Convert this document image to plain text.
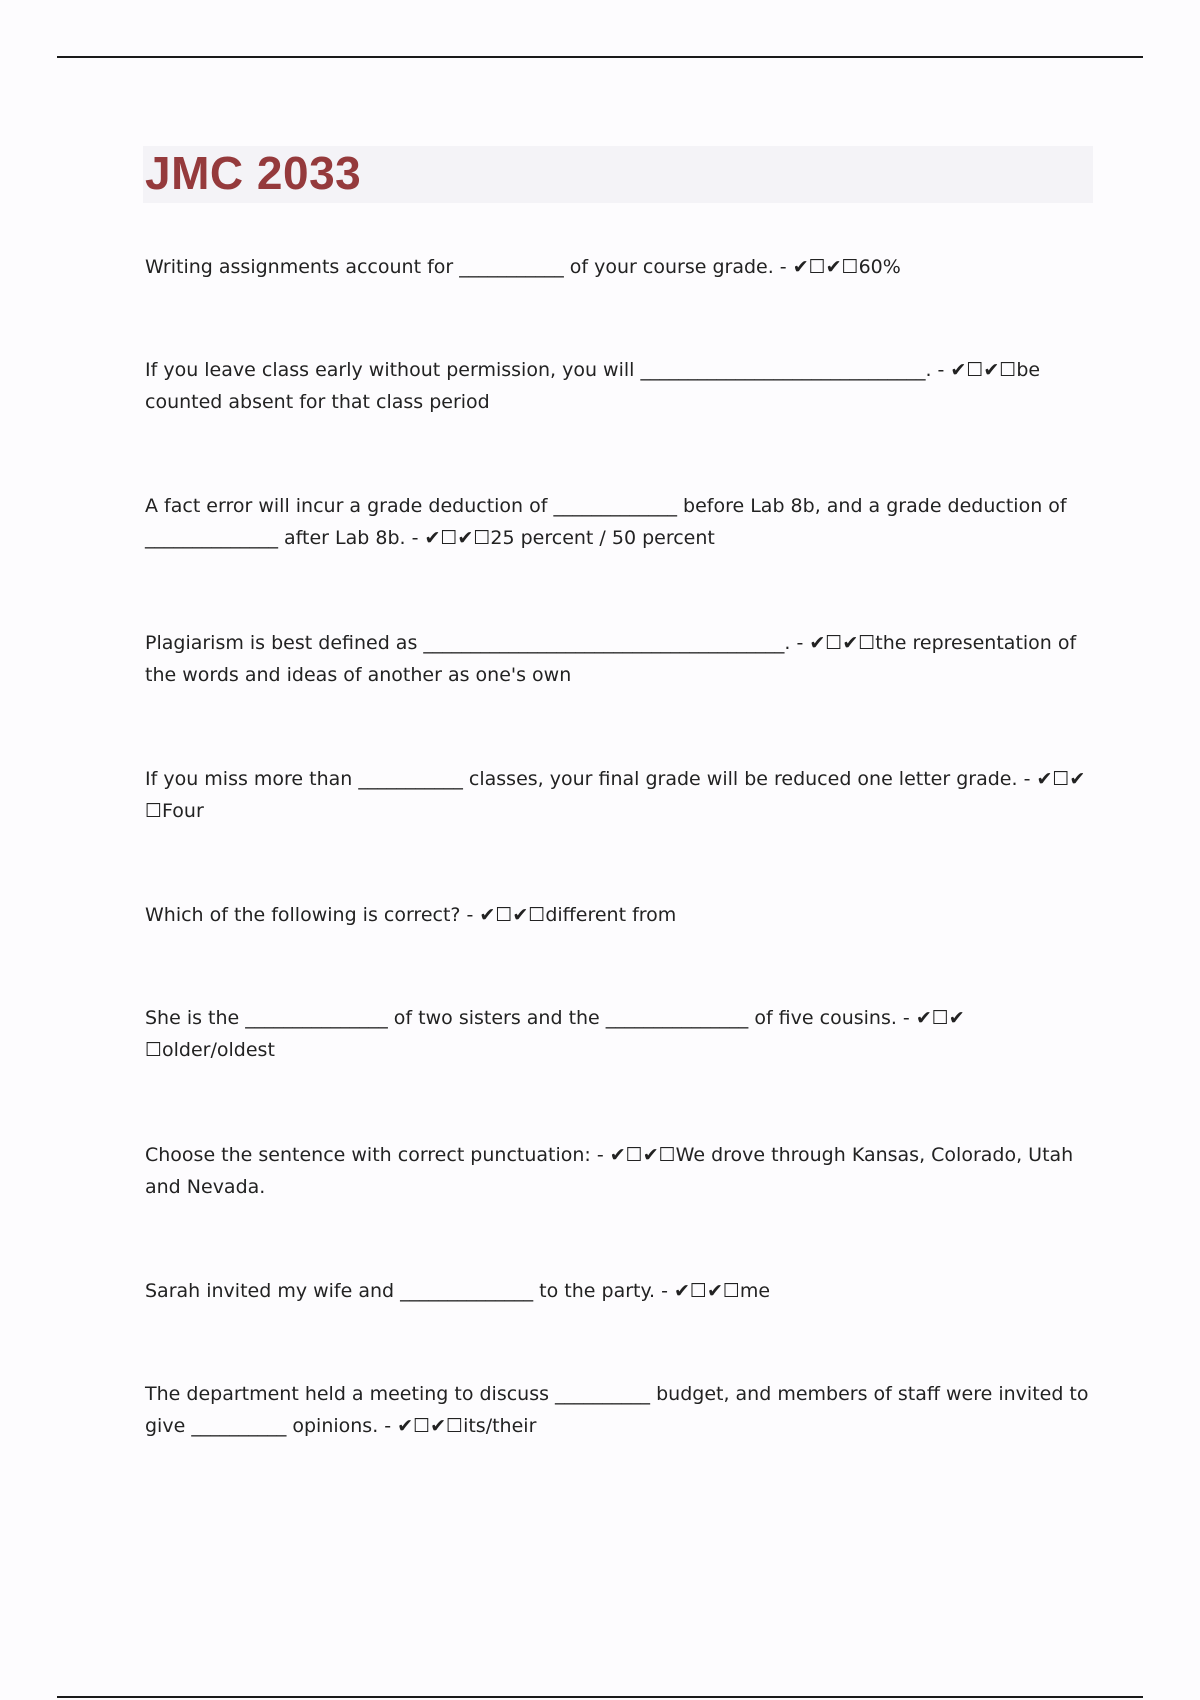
JMC 2033

Writing assignments account for ___________ of your course grade. - ✔☐✔☐60%

If you leave class early without permission, you will ______________________________. - ✔☐✔☐be counted absent for that class period

A fact error will incur a grade deduction of _____________ before Lab 8b, and a grade deduction of ______________ after Lab 8b. - ✔☐✔☐25 percent / 50 percent

Plagiarism is best defined as ______________________________________. - ✔☐✔☐the representation of the words and ideas of another as one's own

If you miss more than ___________ classes, your final grade will be reduced one letter grade. - ✔☐✔ ☐Four

Which of the following is correct? - ✔☐✔☐different from

She is the _______________ of two sisters and the _______________ of five cousins. - ✔☐✔ ☐older/oldest

Choose the sentence with correct punctuation: - ✔☐✔☐We drove through Kansas, Colorado, Utah and Nevada.

Sarah invited my wife and ______________ to the party. - ✔☐✔☐me

The department held a meeting to discuss __________ budget, and members of staff were invited to give __________ opinions. - ✔☐✔☐its/their
